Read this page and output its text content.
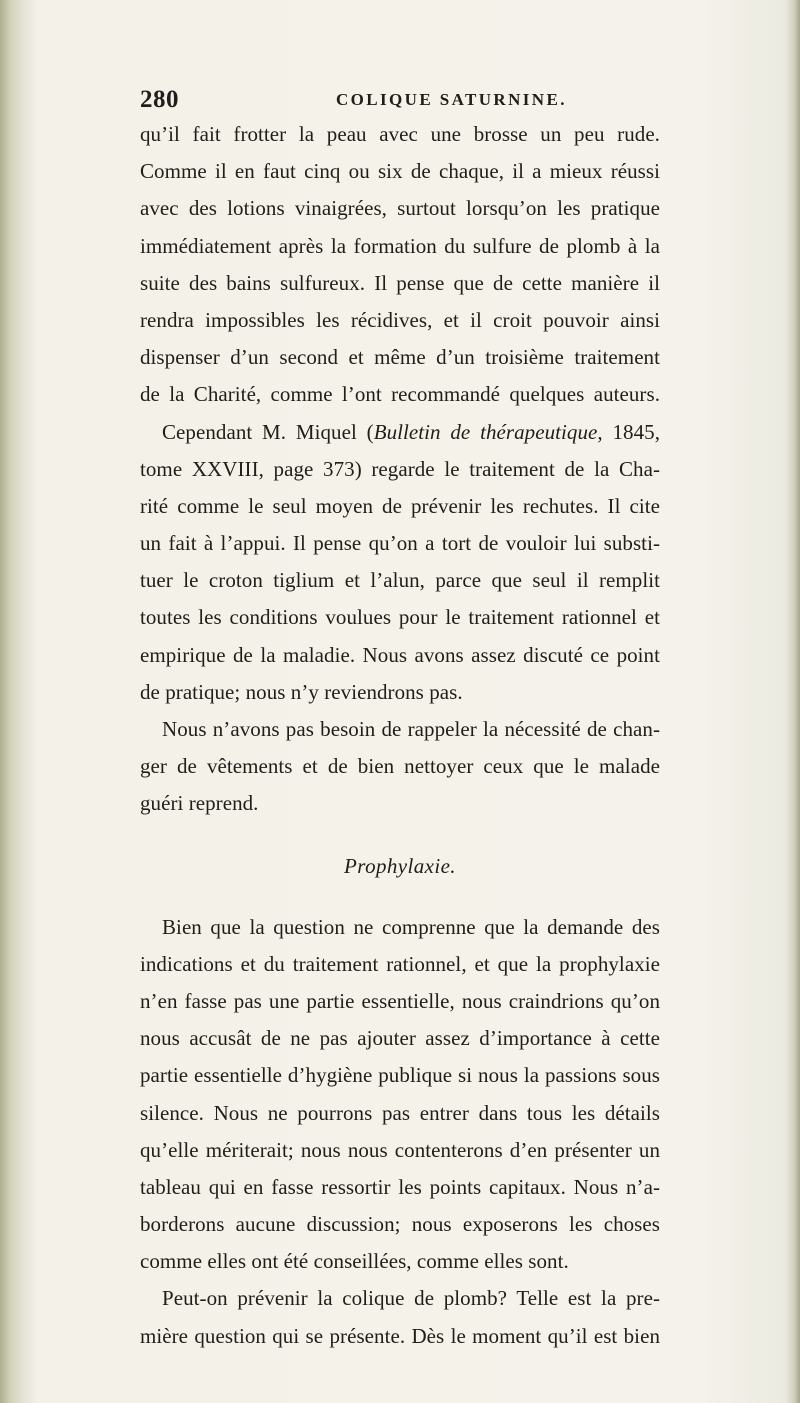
280	COLIQUE SATURNINE.
qu’il fait frotter la peau avec une brosse un peu rude.
Comme il en faut cinq ou six de chaque, il a mieux réussi
avec des lotions vinaigrées, surtout lorsqu’on les pratique
immédiatement après la formation du sulfure de plomb à la
suite des bains sulfureux. Il pense que de cette manière il
rendra impossibles les récidives, et il croit pouvoir ainsi
dispenser d’un second et même d’un troisième traitement
de la Charité, comme l’ont recommandé quelques auteurs.
Cependant M. Miquel (Bulletin de thérapeutique, 1845,
tome XXVIII, page 373) regarde le traitement de la Cha-
rité comme le seul moyen de prévenir les rechutes. Il cite
un fait à l’appui. Il pense qu’on a tort de vouloir lui substi-
tuer le croton tiglium et l’alun, parce que seul il remplit
toutes les conditions voulues pour le traitement rationnel et
empirique de la maladie. Nous avons assez discuté ce point
de pratique; nous n’y reviendrons pas.
Nous n’avons pas besoin de rappeler la nécessité de chan-
ger de vêtements et de bien nettoyer ceux que le malade
guéri reprend.
Prophylaxie.
Bien que la question ne comprenne que la demande des
indications et du traitement rationnel, et que la prophylaxie
n’en fasse pas une partie essentielle, nous craindrions qu’on
nous accusât de ne pas ajouter assez d’importance à cette
partie essentielle d’hygiène publique si nous la passions sous
silence. Nous ne pourrons pas entrer dans tous les détails
qu’elle mériterait; nous nous contenterons d’en présenter un
tableau qui en fasse ressortir les points capitaux. Nous n’a-
borderons aucune discussion; nous exposerons les choses
comme elles ont été conseillées, comme elles sont.
Peut-on prévenir la colique de plomb? Telle est la pre-
mière question qui se présente. Dès le moment qu’il est bien
